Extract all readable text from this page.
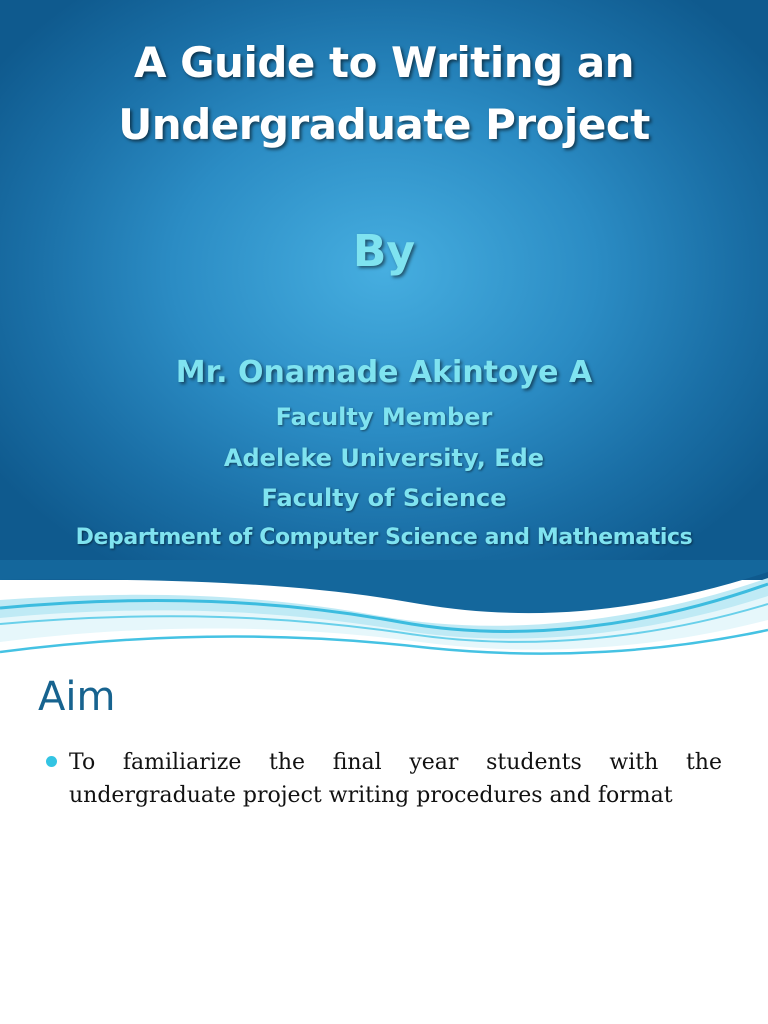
A Guide to Writing an
Undergraduate Project
By
Mr. Onamade Akintoye A
Faculty Member
Adeleke University, Ede
Faculty of Science
Department of Computer Science and Mathematics
Aim

To familiarize the final year students with the undergraduate project writing procedures and format
